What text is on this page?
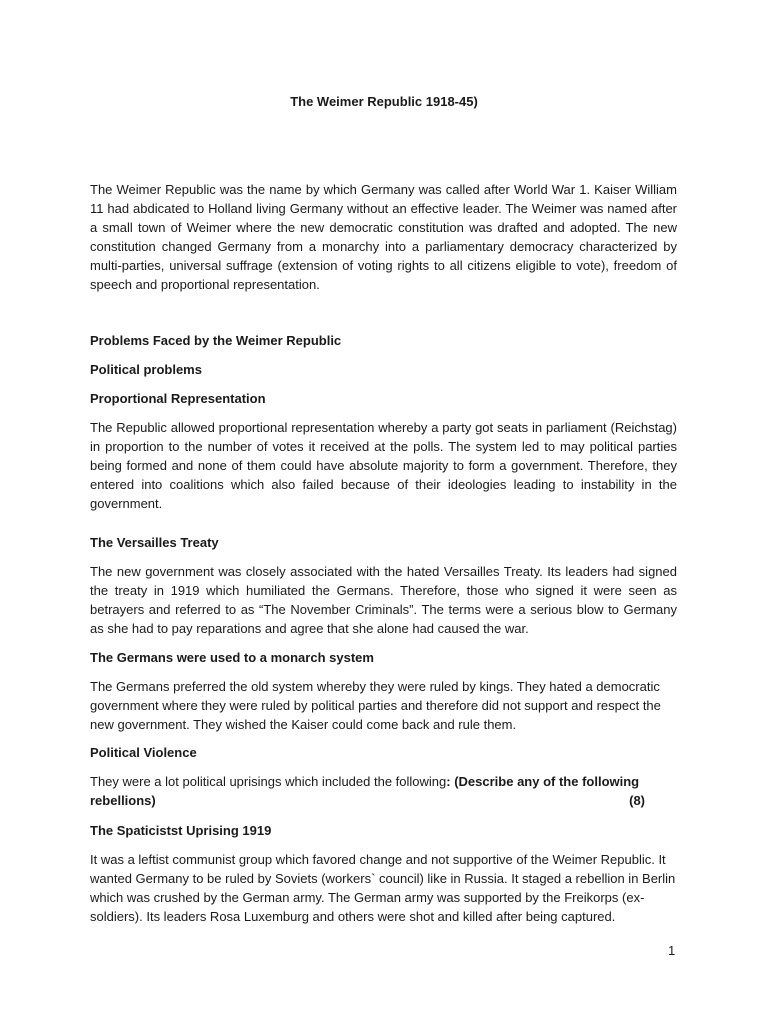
The Weimer Republic 1918-45)

The Weimer Republic was the name by which Germany was called after World War 1. Kaiser William 11 had abdicated to Holland living Germany without an effective leader. The Weimer was named after a small town of Weimer where the new democratic constitution was drafted and adopted. The new constitution changed Germany from a monarchy into a parliamentary democracy characterized by multi-parties, universal suffrage (extension of voting rights to all citizens eligible to vote), freedom of speech and proportional representation.

Problems Faced by the Weimer Republic
Political problems
Proportional Representation

The Republic allowed proportional representation whereby a party got seats in parliament (Reichstag) in proportion to the number of votes it received at the polls. The system led to may political parties being formed and none of them could have absolute majority to form a government. Therefore, they entered into coalitions which also failed because of their ideologies leading to instability in the government.

The Versailles Treaty

The new government was closely associated with the hated Versailles Treaty. Its leaders had signed the treaty in 1919 which humiliated the Germans. Therefore, those who signed it were seen as betrayers and referred to as “The November Criminals”. The terms were a serious blow to Germany as she had to pay reparations and agree that she alone had caused the war.

The Germans were used to a monarch system
The Germans preferred the old system whereby they were ruled by kings. They hated a democratic
government where they were ruled by political parties and therefore did not support and respect the
new government. They wished the Kaiser could come back and rule them.
Political Violence
They were a lot political uprisings which included the following: (Describe any of the following
rebellions)	(8)
The Spaticistst Uprising 1919
It was a leftist communist group which favored change and not supportive of the Weimer Republic. It
wanted Germany to be ruled by Soviets (workers` council) like in Russia. It staged a rebellion in Berlin
which was crushed by the German army. The German army was supported by the Freikorps (ex-
soldiers). Its leaders Rosa Luxemburg and others were shot and killed after being captured.
1
